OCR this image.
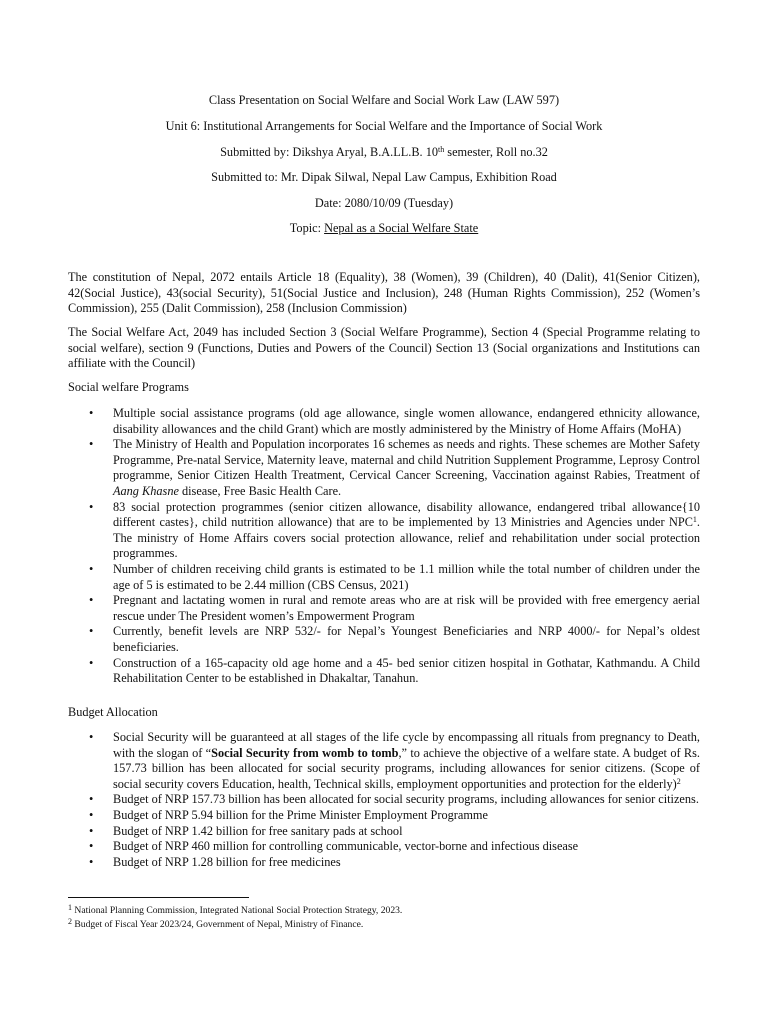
Class Presentation on Social Welfare and Social Work Law (LAW 597)
Unit 6: Institutional Arrangements for Social Welfare and the Importance of Social Work
Submitted by: Dikshya Aryal, B.A.LL.B. 10th semester, Roll no.32
Submitted to: Mr. Dipak Silwal, Nepal Law Campus, Exhibition Road
Date: 2080/10/09 (Tuesday)
Topic: Nepal as a Social Welfare State
The constitution of Nepal, 2072 entails Article 18 (Equality), 38 (Women), 39 (Children), 40 (Dalit), 41(Senior Citizen), 42(Social Justice), 43(social Security), 51(Social Justice and Inclusion), 248 (Human Rights Commission), 252 (Women’s Commission), 255 (Dalit Commission), 258 (Inclusion Commission)
The Social Welfare Act, 2049 has included Section 3 (Social Welfare Programme), Section 4 (Special Programme relating to social welfare), section 9 (Functions, Duties and Powers of the Council) Section 13 (Social organizations and Institutions can affiliate with the Council)
Social welfare Programs
• Multiple social assistance programs (old age allowance, single women allowance, endangered ethnicity allowance, disability allowances and the child Grant) which are mostly administered by the Ministry of Home Affairs (MoHA)
• The Ministry of Health and Population incorporates 16 schemes as needs and rights. These schemes are Mother Safety Programme, Pre-natal Service, Maternity leave, maternal and child Nutrition Supplement Programme, Leprosy Control programme, Senior Citizen Health Treatment, Cervical Cancer Screening, Vaccination against Rabies, Treatment of Aang Khasne disease, Free Basic Health Care.
• 83 social protection programmes (senior citizen allowance, disability allowance, endangered tribal allowance{10 different castes}, child nutrition allowance) that are to be implemented by 13 Ministries and Agencies under NPC$^1$. The ministry of Home Affairs covers social protection allowance, relief and rehabilitation under social protection programmes.
• Number of children receiving child grants is estimated to be 1.1 million while the total number of children under the age of 5 is estimated to be 2.44 million (CBS Census, 2021)
• Pregnant and lactating women in rural and remote areas who are at risk will be provided with free emergency aerial rescue under The President women’s Empowerment Program
• Currently, benefit levels are NRP 532/- for Nepal’s Youngest Beneficiaries and NRP 4000/- for Nepal’s oldest beneficiaries.
• Construction of a 165-capacity old age home and a 45- bed senior citizen hospital in Gothatar, Kathmandu. A Child Rehabilitation Center to be established in Dhakaltar, Tanahun.
Budget Allocation
• Social Security will be guaranteed at all stages of the life cycle by encompassing all rituals from pregnancy to Death, with the slogan of “Social Security from womb to tomb,” to achieve the objective of a welfare state. A budget of Rs. 157.73 billion has been allocated for social security programs, including allowances for senior citizens. (Scope of social security covers Education, health, Technical skills, employment opportunities and protection for the elderly)$^2$
• Budget of NRP 157.73 billion has been allocated for social security programs, including allowances for senior citizens.
• Budget of NRP 5.94 billion for the Prime Minister Employment Programme
• Budget of NRP 1.42 billion for free sanitary pads at school
• Budget of NRP 460 million for controlling communicable, vector-borne and infectious disease
• Budget of NRP 1.28 billion for free medicines
$^1$ National Planning Commission, Integrated National Social Protection Strategy, 2023.
$^2$ Budget of Fiscal Year 2023/24, Government of Nepal, Ministry of Finance.
